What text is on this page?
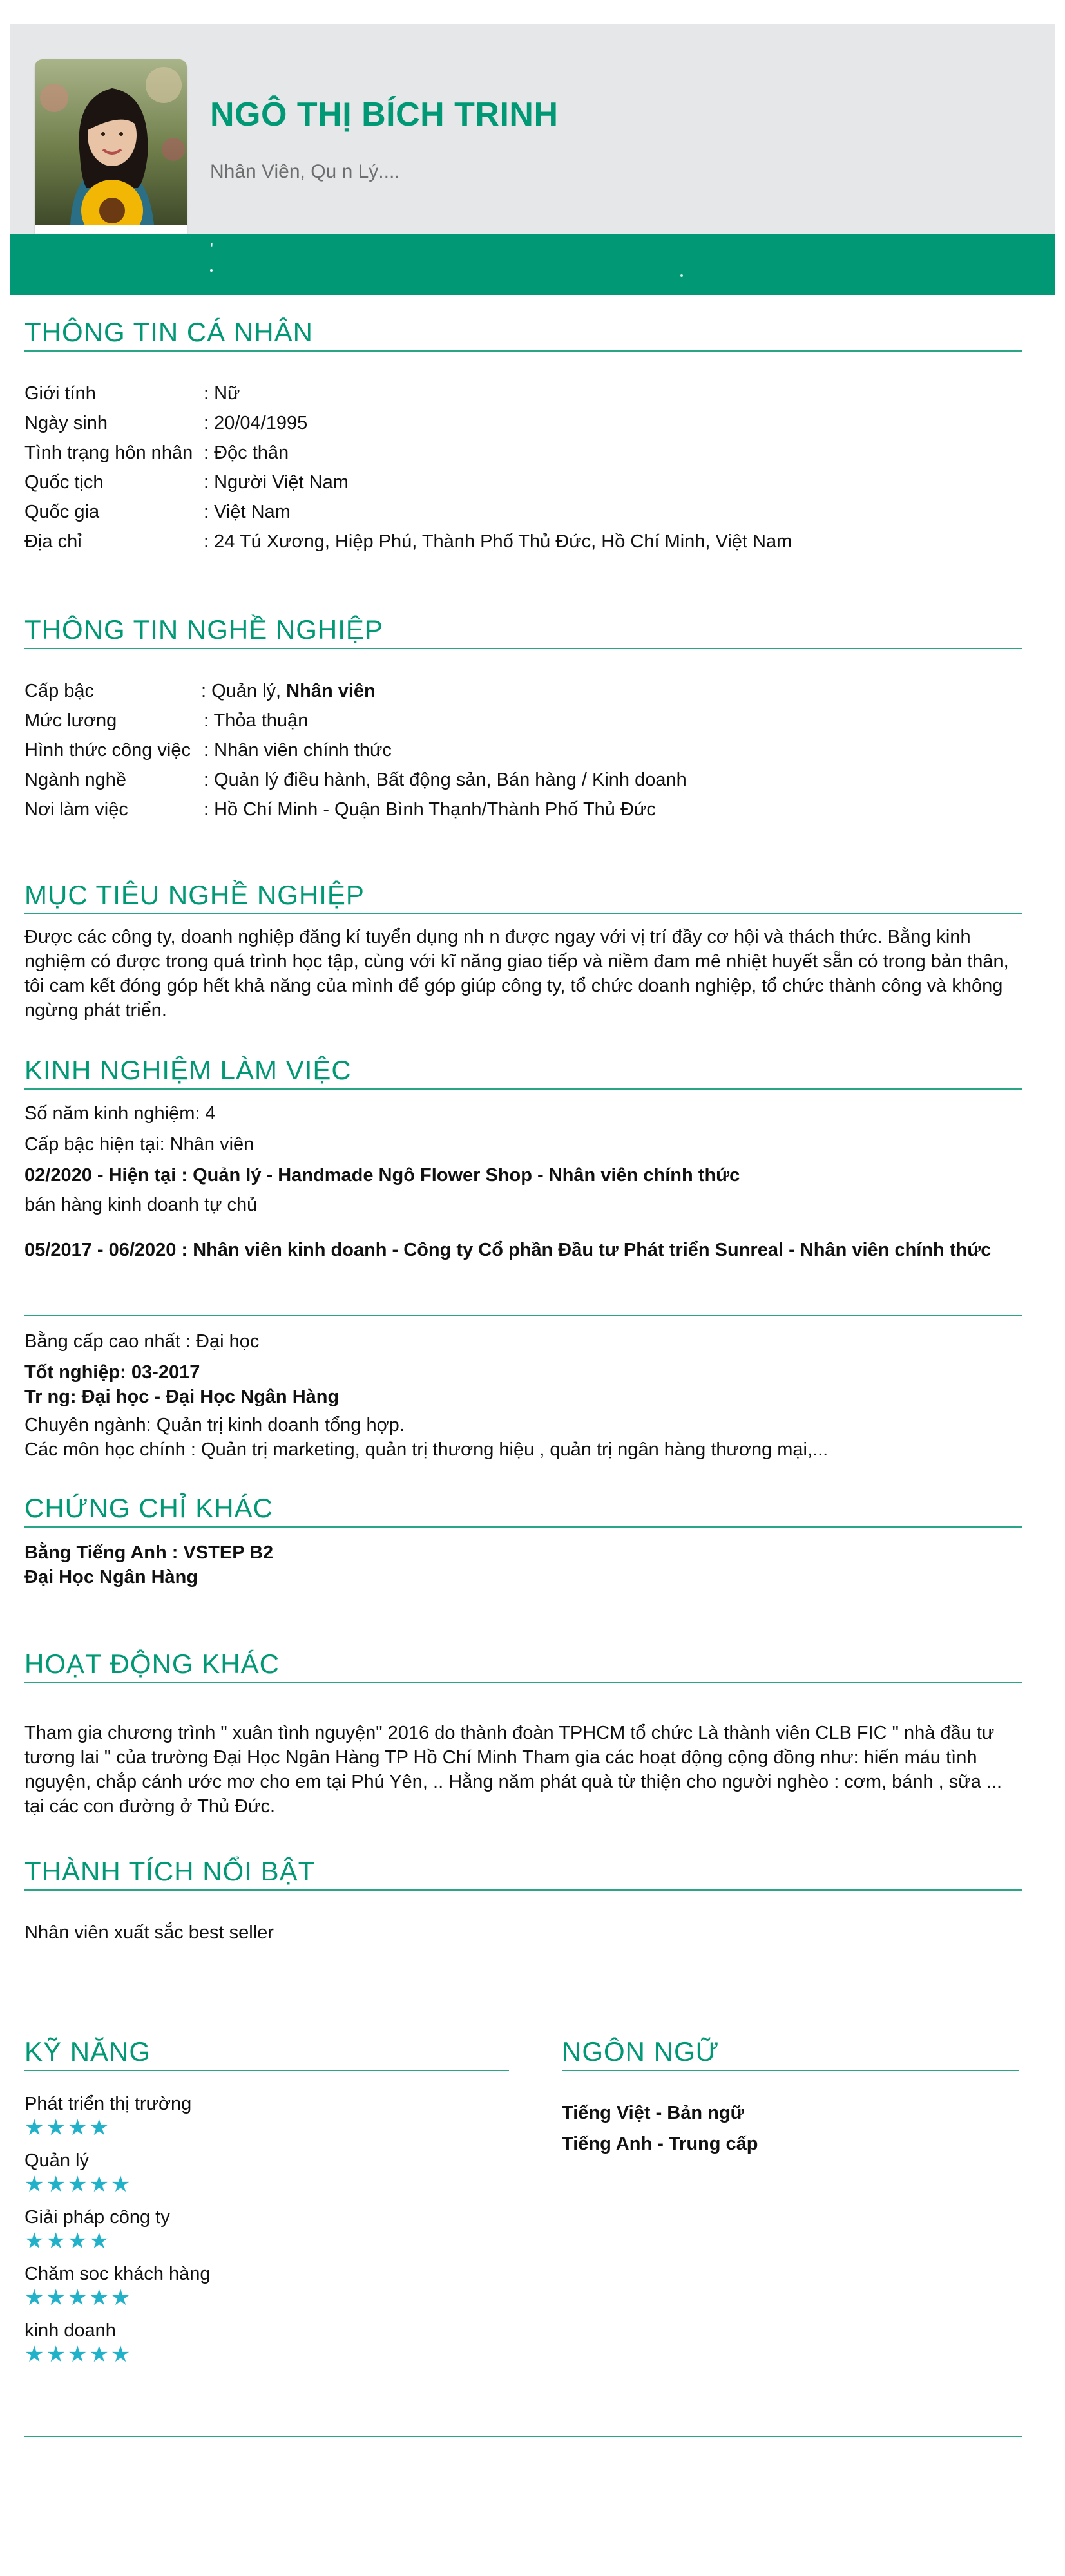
NGÔ THỊ BÍCH TRINH
Nhân Viên, Qu n Lý....
'
THÔNG TIN CÁ NHÂN
Giới tính	: Nữ
Ngày sinh	: 20/04/1995
Tình trạng hôn nhân : Độc thân
Quốc tịch	: Người Việt Nam
Quốc gia	: Việt Nam
Địa chỉ	: 24 Tú Xương, Hiệp Phú, Thành Phố Thủ Đức, Hồ Chí Minh, Việt Nam
THÔNG TIN NGHỀ NGHIỆP
Cấp bậc	: Quản lý, Nhân viên
Mức lương	: Thỏa thuận
Hình thức công việc : Nhân viên chính thức
Ngành nghề	: Quản lý điều hành, Bất động sản, Bán hàng / Kinh doanh
Nơi làm việc	: Hồ Chí Minh - Quận Bình Thạnh/Thành Phố Thủ Đức
MỤC TIÊU NGHỀ NGHIỆP
Được các công ty, doanh nghiệp đăng kí tuyển dụng nh n được ngay với vị trí đầy cơ hội và thách thức. Bằng kinh nghiệm có được trong quá trình học tập, cùng với kĩ năng giao tiếp và niềm đam mê nhiệt huyết sẵn có trong bản thân, tôi cam kết đóng góp hết khả năng của mình để góp giúp công ty, tổ chức doanh nghiệp, tổ chức thành công và không ngừng phát triển.
KINH NGHIỆM LÀM VIỆC
Số năm kinh nghiệm: 4
Cấp bậc hiện tại: Nhân viên
02/2020 - Hiện tại : Quản lý - Handmade Ngô Flower Shop - Nhân viên chính thức
bán hàng kinh doanh tự chủ
05/2017 - 06/2020 : Nhân viên kinh doanh - Công ty Cổ phần Đầu tư Phát triển Sunreal - Nhân viên chính thức
Bằng cấp cao nhất : Đại học
Tốt nghiệp: 03-2017
Tr ng: Đại học - Đại Học Ngân Hàng
Chuyên ngành: Quản trị kinh doanh tổng hợp.
Các môn học chính : Quản trị marketing, quản trị thương hiệu , quản trị ngân hàng thương mại,...
CHỨNG CHỈ KHÁC
Bằng Tiếng Anh : VSTEP B2
Đại Học Ngân Hàng
HOẠT ĐỘNG KHÁC
Tham gia chương trình " xuân tình nguyện" 2016 do thành đoàn TPHCM tổ chức Là thành viên CLB FIC " nhà đầu tư tương lai " của trường Đại Học Ngân Hàng TP Hồ Chí Minh Tham gia các hoạt động cộng đồng như: hiến máu tình nguyện, chắp cánh ước mơ cho em tại Phú Yên, .. Hằng năm phát quà từ thiện cho người nghèo : cơm, bánh , sữa ... tại các con đường ở Thủ Đức.
THÀNH TÍCH NỔI BẬT
Nhân viên xuất sắc best seller
KỸ NĂNG
Phát triển thị trường
★★★★
Quản lý
★★★★★
Giải pháp công ty
★★★★
Chăm soc khách hàng
★★★★★
kinh doanh
★★★★★
NGÔN NGỮ
Tiếng Việt - Bản ngữ
Tiếng Anh - Trung cấp
